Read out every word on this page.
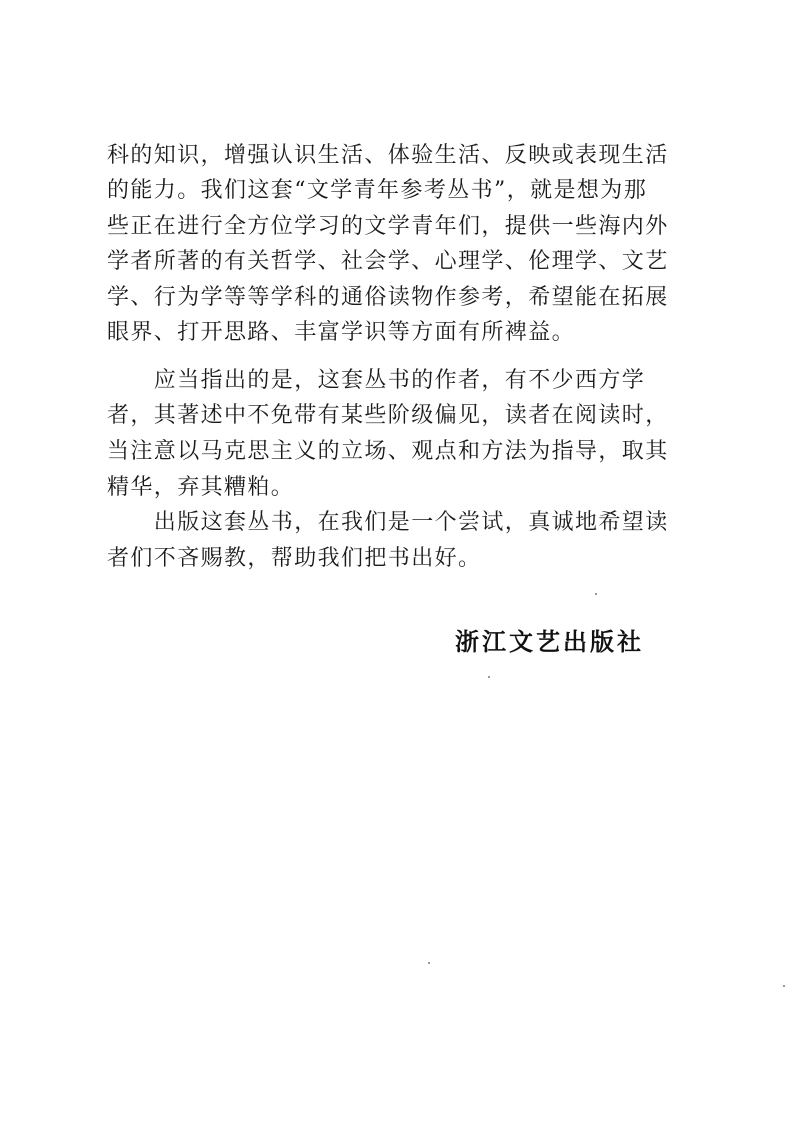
科的知识，增强认识生活、体验生活、反映或表现生活
的能力。我们这套“文学青年参考丛书”，就是想为那
些正在进行全方位学习的文学青年们，提供一些海内外
学者所著的有关哲学、社会学、心理学、伦理学、文艺
学、行为学等等学科的通俗读物作参考，希望能在拓展
眼界、打开思路、丰富学识等方面有所裨益。
　应当指出的是，这套丛书的作者，有不少西方学
者，其著述中不免带有某些阶级偏见，读者在阅读时，
当注意以马克思主义的立场、观点和方法为指导，取其
精华，弃其糟粕。
　出版这套丛书，在我们是一个尝试，真诚地希望读
者们不吝赐教，帮助我们把书出好。
浙江文艺出版社
